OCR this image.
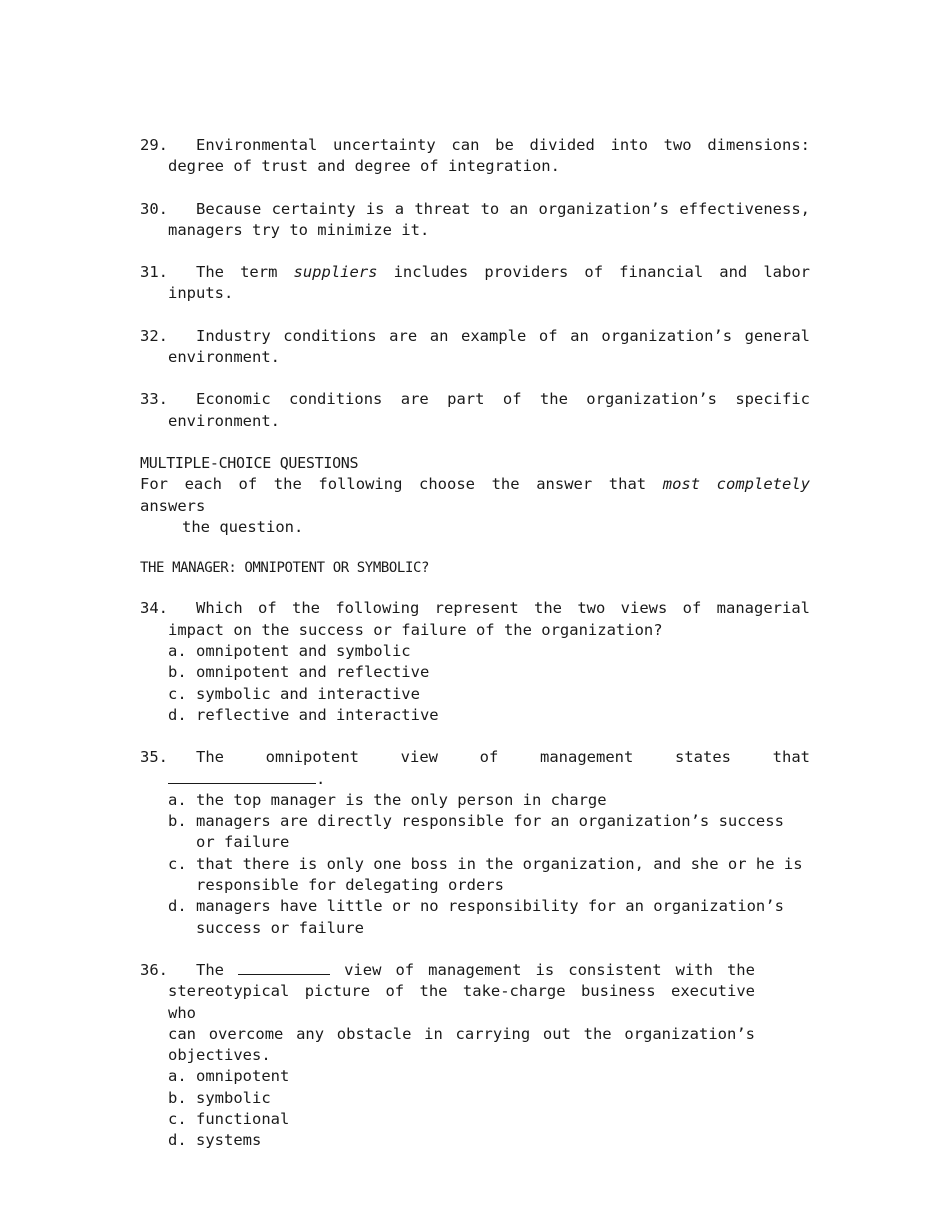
29. Environmental uncertainty can be divided into two dimensions:
degree of trust and degree of integration.
30. Because certainty is a threat to an organization’s effectiveness,
managers try to minimize it.
31. The term suppliers includes providers of financial and labor
inputs.
32. Industry conditions are an example of an organization’s general
environment.
33. Economic conditions are part of the organization’s specific
environment.
MULTIPLE-CHOICE QUESTIONS
For each of the following choose the answer that most completely answers
the question.
THE MANAGER: OMNIPOTENT OR SYMBOLIC?
34. Which of the following represent the two views of managerial
impact on the success or failure of the organization?
a. omnipotent and symbolic
b. omnipotent and reflective
c. symbolic and interactive
d. reflective and interactive
35. The omnipotent view of management states that
.
a. the top manager is the only person in charge
b. managers are directly responsible for an organization’s success
or failure
c. that there is only one boss in the organization, and she or he is
responsible for delegating orders
d. managers have little or no responsibility for an organization’s
success or failure
36. The	view of management is consistent with the
stereotypical picture of the take-charge business executive who
can overcome any obstacle in carrying out the organization’s
objectives.
a. omnipotent
b. symbolic
c. functional
d. systems
